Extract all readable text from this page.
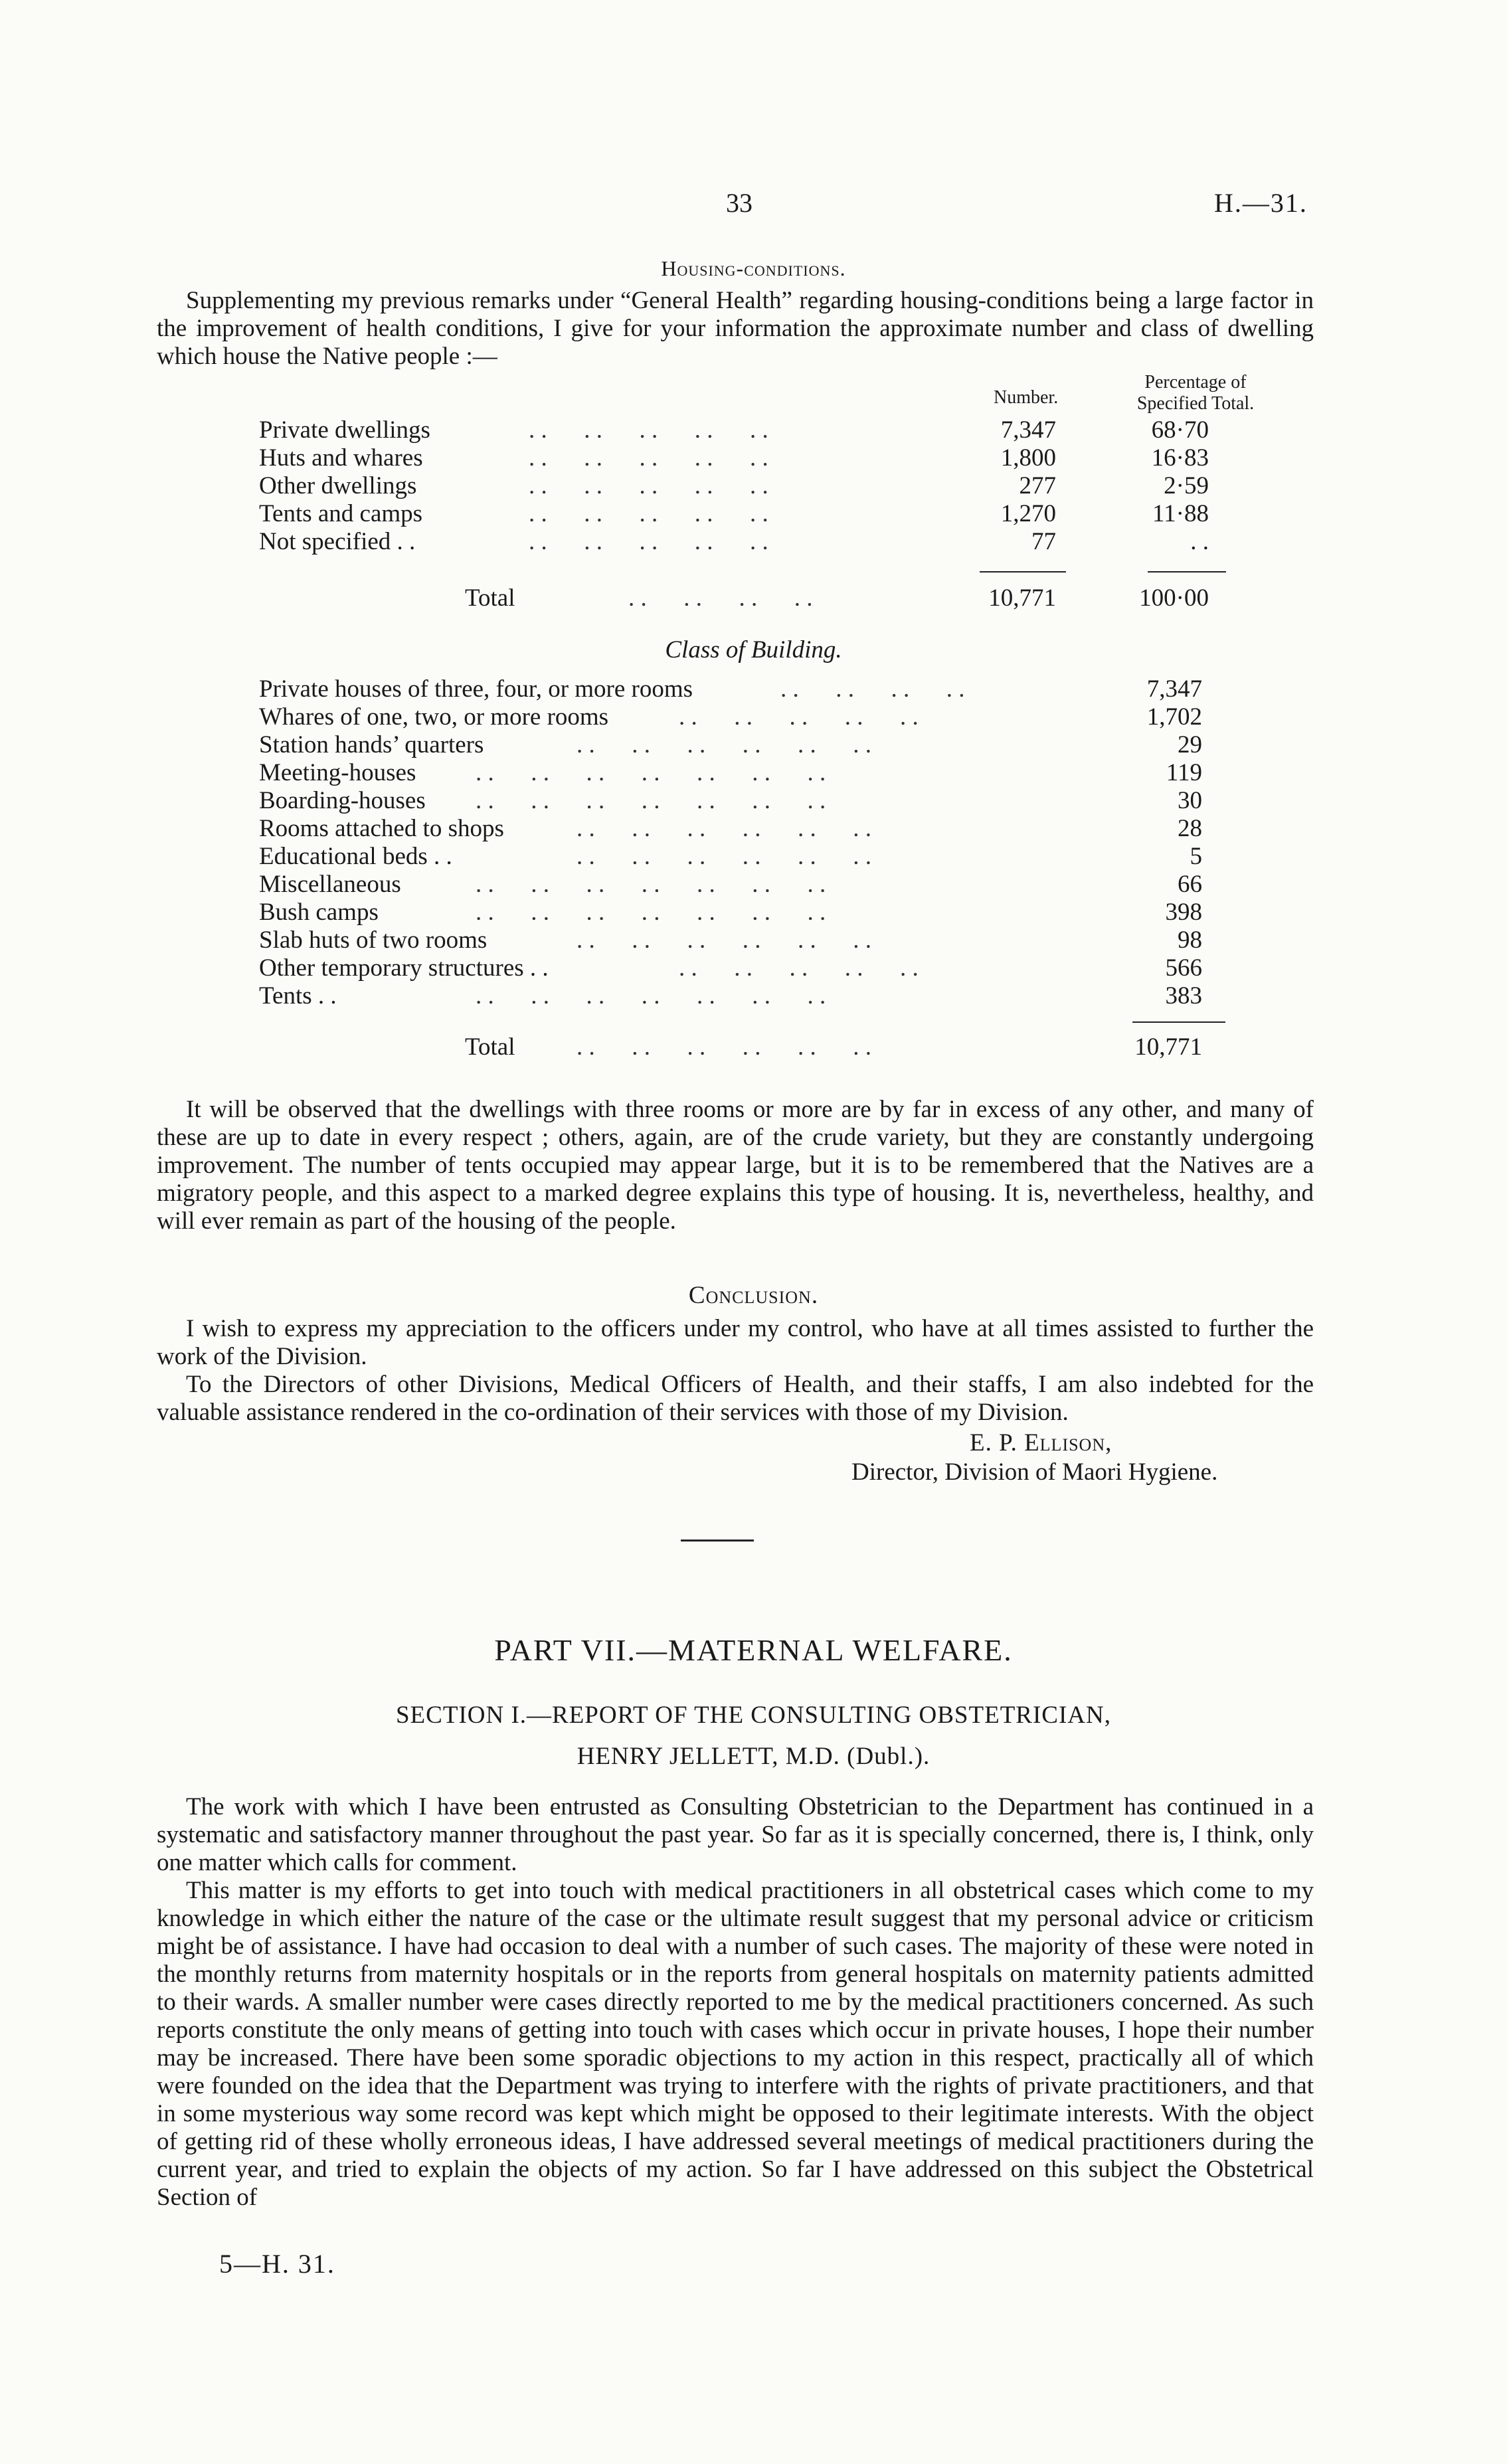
33	H.—31.
Housing-conditions.
Supplementing my previous remarks under “General Health” regarding housing-conditions being a large factor in the improvement of health conditions, I give for your information the approximate number and class of dwelling which house the Native people :—
Number.
Percentage of
Specified Total.
Private dwellings	. .      . .      . .      . .      . .	7,347	68·70
Huts and whares	. .      . .      . .      . .      . .	1,800	16·83
Other dwellings	. .      . .      . .      . .      . .	277	2·59
Tents and camps	. .      . .      . .      . .      . .	1,270	11·88
Not specified . .	. .      . .      . .      . .      . .	77	. .
Total	. .      . .      . .      . .	10,771	100·00
Class of Building.
Private houses of three, four, or more rooms	. .      . .      . .      . .	7,347
Whares of one, two, or more rooms	. .      . .      . .      . .      . .	1,702
Station hands’ quarters	. .      . .      . .      . .      . .      . .	29
Meeting-houses . .      . .      . .      . .      . .      . .      . .	119
Boarding-houses . .      . .      . .      . .      . .      . .      . .	30
Rooms attached to shops	. .      . .      . .      . .      . .      . .	28
Educational beds . .	. .      . .      . .      . .      . .      . .	5
Miscellaneous	. .      . .      . .      . .      . .      . .      . .	66
Bush camps	. .      . .      . .      . .      . .      . .      . .	398
Slab huts of two rooms	. .      . .      . .      . .      . .      . .	98
Other temporary structures . .	. .      . .      . .      . .      . .	566
Tents . .	. .      . .      . .      . .      . .      . .      . .	383
Total	. .      . .      . .      . .      . .      . .	10,771
It will be observed that the dwellings with three rooms or more are by far in excess of any other, and many of these are up to date in every respect ; others, again, are of the crude variety, but they are constantly undergoing improvement. The number of tents occupied may appear large, but it is to be remembered that the Natives are a migratory people, and this aspect to a marked degree explains this type of housing. It is, nevertheless, healthy, and will ever remain as part of the housing of the people.
Conclusion.
I wish to express my appreciation to the officers under my control, who have at all times assisted to further the work of the Division.
To the Directors of other Divisions, Medical Officers of Health, and their staffs, I am also indebted for the valuable assistance rendered in the co-ordination of their services with those of my Division.
E. P. Ellison,
Director, Division of Maori Hygiene.
PART VII.—MATERNAL WELFARE.
SECTION I.—REPORT OF THE CONSULTING OBSTETRICIAN,
HENRY JELLETT, M.D. (Dubl.).
The work with which I have been entrusted as Consulting Obstetrician to the Department has continued in a systematic and satisfactory manner throughout the past year. So far as it is specially concerned, there is, I think, only one matter which calls for comment.
This matter is my efforts to get into touch with medical practitioners in all obstetrical cases which come to my knowledge in which either the nature of the case or the ultimate result suggest that my personal advice or criticism might be of assistance. I have had occasion to deal with a number of such cases. The majority of these were noted in the monthly returns from maternity hospitals or in the reports from general hospitals on maternity patients admitted to their wards. A smaller number were cases directly reported to me by the medical practitioners concerned. As such reports constitute the only means of getting into touch with cases which occur in private houses, I hope their number may be increased. There have been some sporadic objections to my action in this respect, practically all of which were founded on the idea that the Department was trying to interfere with the rights of private practitioners, and that in some mysterious way some record was kept which might be opposed to their legitimate interests. With the object of getting rid of these wholly erroneous ideas, I have addressed several meetings of medical practitioners during the current year, and tried to explain the objects of my action. So far I have addressed on this subject the Obstetrical Section of
5—H. 31.
